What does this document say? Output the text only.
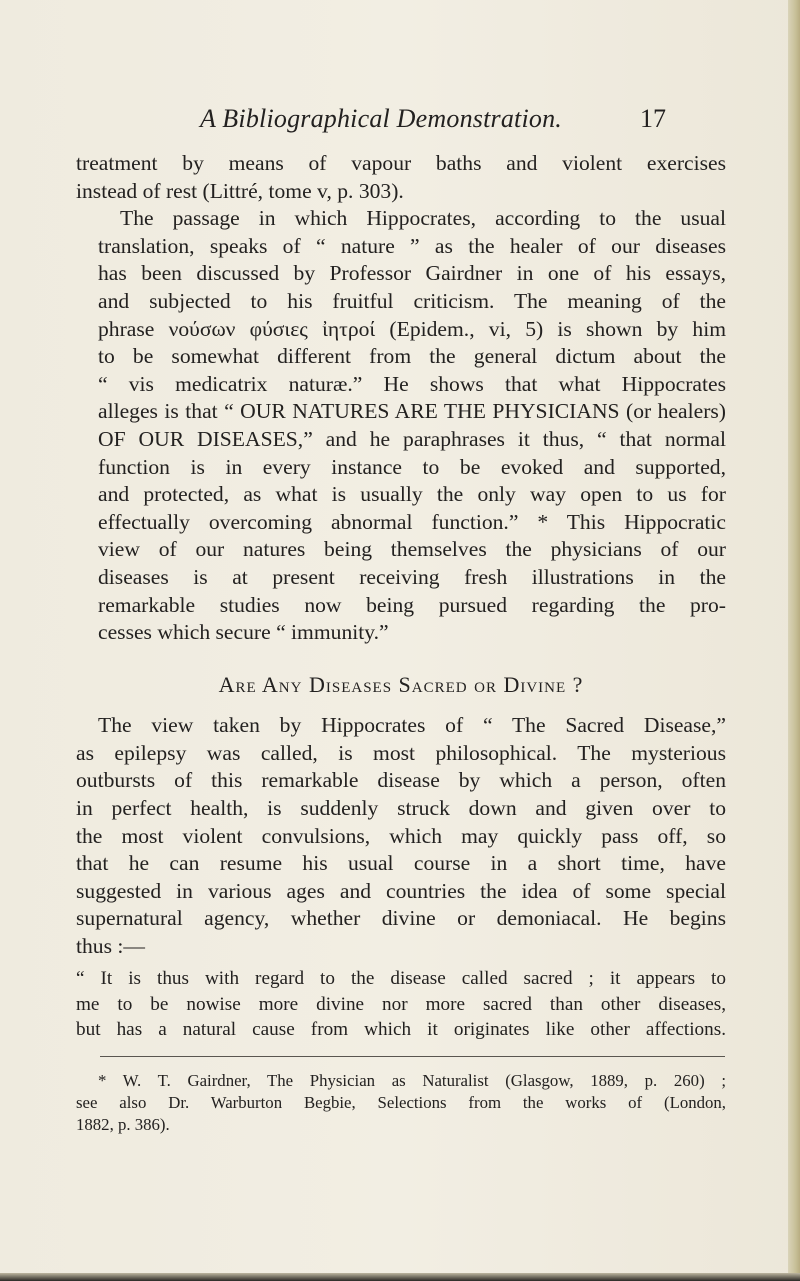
A Bibliographical Demonstration.	17

treatment by means of vapour baths and violent exercises
instead of rest (Littré, tome v, p. 303).

The passage in which Hippocrates, according to the usual
translation, speaks of “ nature ” as the healer of our diseases
has been discussed by Professor Gairdner in one of his essays,
and subjected to his fruitful criticism. The meaning of the
phrase νούσων φύσιες ἰητροί (Epidem., vi, 5) is shown by him
to be somewhat different from the general dictum about the
“ vis medicatrix naturæ.” He shows that what Hippocrates
alleges is that “ OUR NATURES ARE THE PHYSICIANS (or healers)
OF OUR DISEASES,” and he paraphrases it thus, “ that normal
function is in every instance to be evoked and supported,
and protected, as what is usually the only way open to us for
effectually overcoming abnormal function.” * This Hippocratic
view of our natures being themselves the physicians of our
diseases is at present receiving fresh illustrations in the
remarkable studies now being pursued regarding the pro-
cesses which secure “ immunity.”

Are Any Diseases Sacred or Divine ?

The view taken by Hippocrates of “ The Sacred Disease,”
as epilepsy was called, is most philosophical. The mysterious
outbursts of this remarkable disease by which a person, often
in perfect health, is suddenly struck down and given over to
the most violent convulsions, which may quickly pass off, so
that he can resume his usual course in a short time, have
suggested in various ages and countries the idea of some special
supernatural agency, whether divine or demoniacal. He begins
thus :—

“ It is thus with regard to the disease called sacred ; it appears to
me to be nowise more divine nor more sacred than other diseases,
but has a natural cause from which it originates like other affections.
* W. T. Gairdner, The Physician as Naturalist (Glasgow, 1889, p. 260) ;
see also Dr. Warburton Begbie, Selections from the works of (London,
1882, p. 386).
